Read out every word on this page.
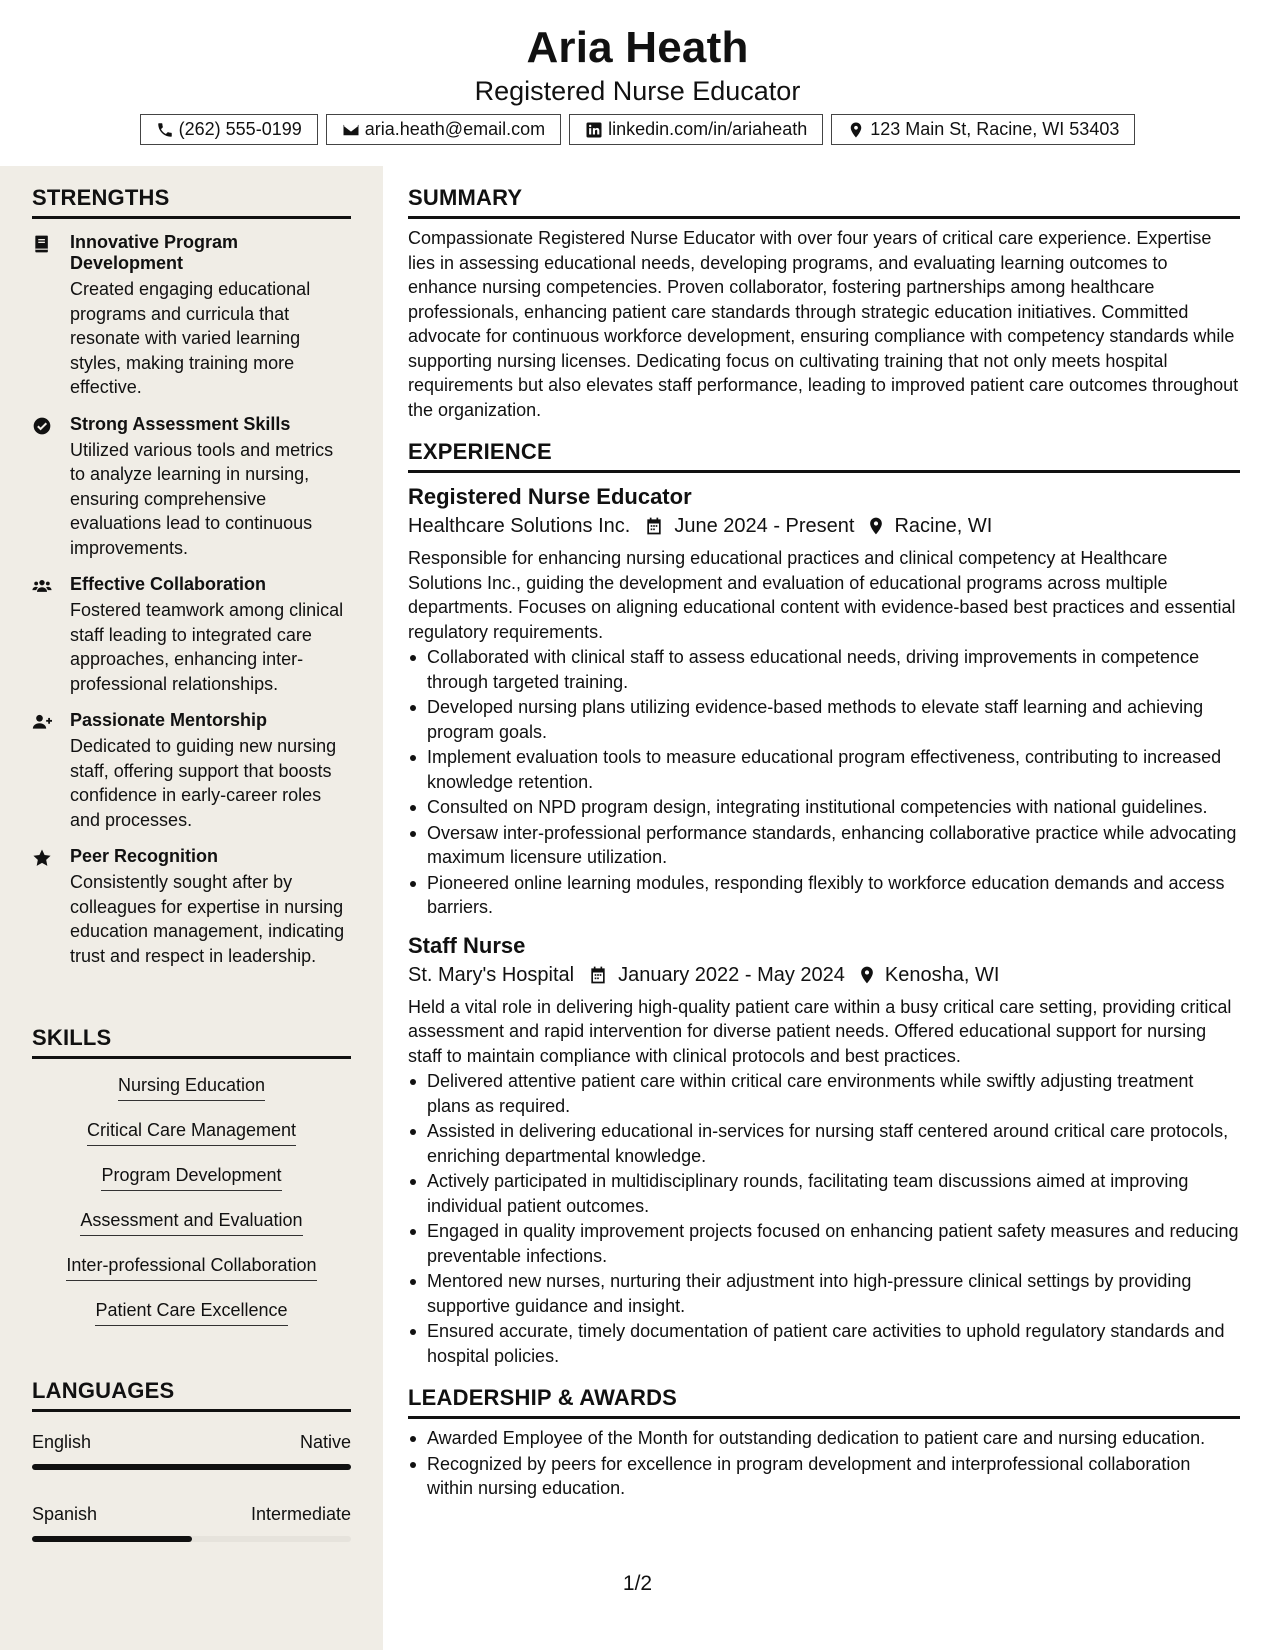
Aria Heath
Registered Nurse Educator
(262) 555-0199	aria.heath@email.com	linkedin.com/in/ariaheath	123 Main St, Racine, WI 53403
STRENGTHS
Innovative Program Development
Created engaging educational programs and curricula that resonate with varied learning styles, making training more effective.
Strong Assessment Skills
Utilized various tools and metrics to analyze learning in nursing, ensuring comprehensive evaluations lead to continuous improvements.
Effective Collaboration
Fostered teamwork among clinical staff leading to integrated care approaches, enhancing inter-professional relationships.
Passionate Mentorship
Dedicated to guiding new nursing staff, offering support that boosts confidence in early-career roles and processes.
Peer Recognition
Consistently sought after by colleagues for expertise in nursing education management, indicating trust and respect in leadership.
SKILLS
Nursing Education
Critical Care Management
Program Development
Assessment and Evaluation
Inter-professional Collaboration
Patient Care Excellence
LANGUAGES
English	Native
Spanish	Intermediate
SUMMARY
Compassionate Registered Nurse Educator with over four years of critical care experience. Expertise lies in assessing educational needs, developing programs, and evaluating learning outcomes to enhance nursing competencies. Proven collaborator, fostering partnerships among healthcare professionals, enhancing patient care standards through strategic education initiatives. Committed advocate for continuous workforce development, ensuring compliance with competency standards while supporting nursing licenses. Dedicating focus on cultivating training that not only meets hospital requirements but also elevates staff performance, leading to improved patient care outcomes throughout the organization.
EXPERIENCE
Registered Nurse Educator
Healthcare Solutions Inc. June 2024 - Present Racine, WI
Responsible for enhancing nursing educational practices and clinical competency at Healthcare Solutions Inc., guiding the development and evaluation of educational programs across multiple departments. Focuses on aligning educational content with evidence-based best practices and essential regulatory requirements.
Collaborated with clinical staff to assess educational needs, driving improvements in competence through targeted training.
Developed nursing plans utilizing evidence-based methods to elevate staff learning and achieving program goals.
Implement evaluation tools to measure educational program effectiveness, contributing to increased knowledge retention.
Consulted on NPD program design, integrating institutional competencies with national guidelines.
Oversaw inter-professional performance standards, enhancing collaborative practice while advocating maximum licensure utilization.
Pioneered online learning modules, responding flexibly to workforce education demands and access barriers.
Staff Nurse
St. Mary's Hospital January 2022 - May 2024 Kenosha, WI
Held a vital role in delivering high-quality patient care within a busy critical care setting, providing critical assessment and rapid intervention for diverse patient needs. Offered educational support for nursing staff to maintain compliance with clinical protocols and best practices.
Delivered attentive patient care within critical care environments while swiftly adjusting treatment plans as required.
Assisted in delivering educational in-services for nursing staff centered around critical care protocols, enriching departmental knowledge.
Actively participated in multidisciplinary rounds, facilitating team discussions aimed at improving individual patient outcomes.
Engaged in quality improvement projects focused on enhancing patient safety measures and reducing preventable infections.
Mentored new nurses, nurturing their adjustment into high-pressure clinical settings by providing supportive guidance and insight.
Ensured accurate, timely documentation of patient care activities to uphold regulatory standards and hospital policies.
LEADERSHIP & AWARDS
Awarded Employee of the Month for outstanding dedication to patient care and nursing education.
Recognized by peers for excellence in program development and interprofessional collaboration within nursing education.
1/2
